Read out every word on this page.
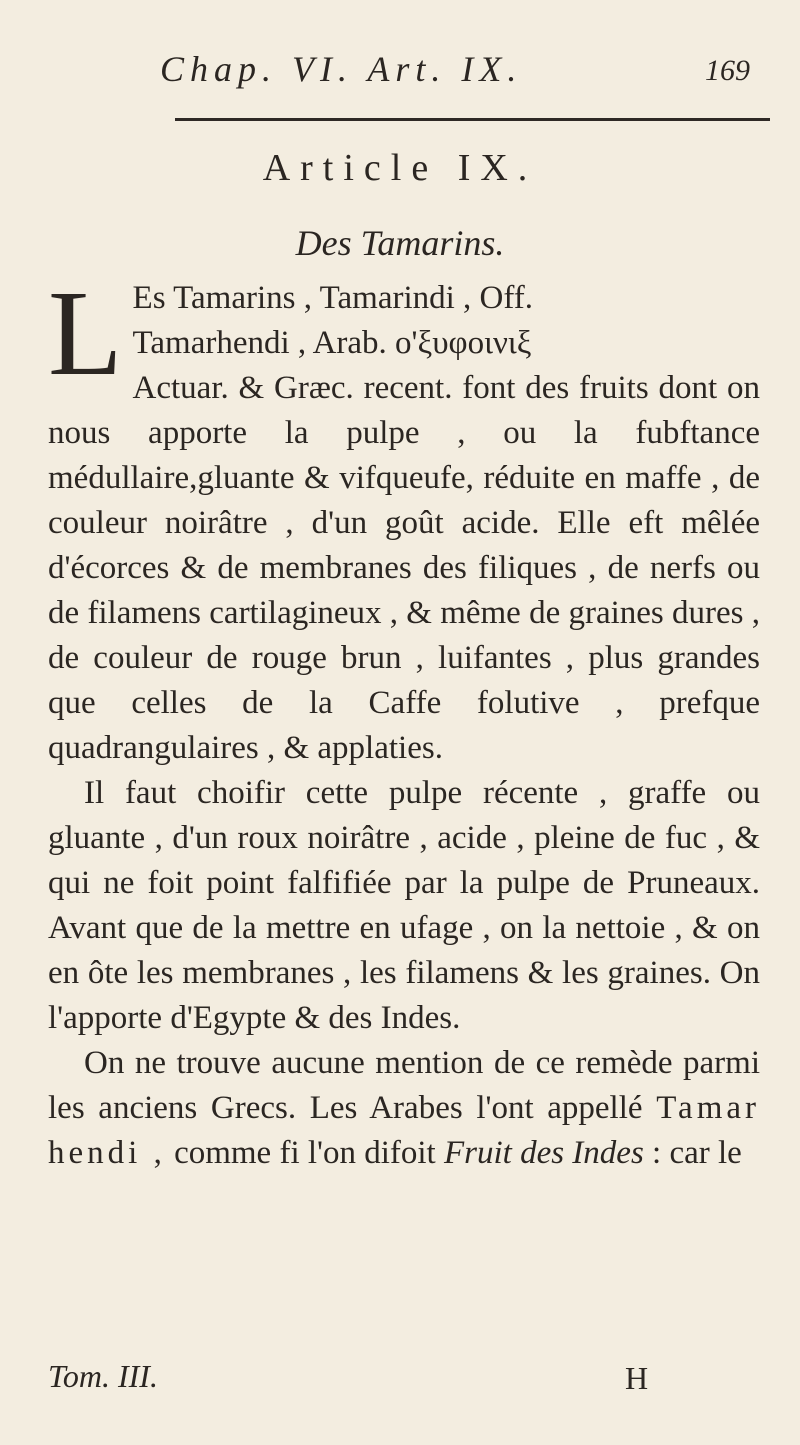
Chap. VI. Art. IX.	169
Article IX.
Des Tamarins.

L Es Tamarins , Tamarindi , Off.
Tamarhendi , Arab. ο'ξυφοινιξ
Actuar. & Græc. recent. font des fruits dont on nous apporte la pulpe , ou la fubftance médullaire,gluante & vifqueufe, réduite en maffe , de couleur noirâtre , d'un goût acide. Elle eft mêlée d'écorces & de membranes des filiques , de nerfs ou de filamens cartilagineux , & même de graines dures , de couleur de rouge brun , luifantes , plus grandes que celles de la Caffe folutive , prefque quadrangulaires , & applaties.

Il faut choifir cette pulpe récente , graffe ou gluante , d'un roux noirâtre , acide , pleine de fuc , & qui ne foit point falfifiée par la pulpe de Pruneaux. Avant que de la mettre en ufage , on la nettoie , & on en ôte les membranes , les filamens & les graines. On l'apporte d'Egypte & des Indes.

On ne trouve aucune mention de ce remède parmi les anciens Grecs. Les Arabes l'ont appellé Tamar hendi , comme fi l'on difoit Fruit des Indes : car le

Tom. III.	H
